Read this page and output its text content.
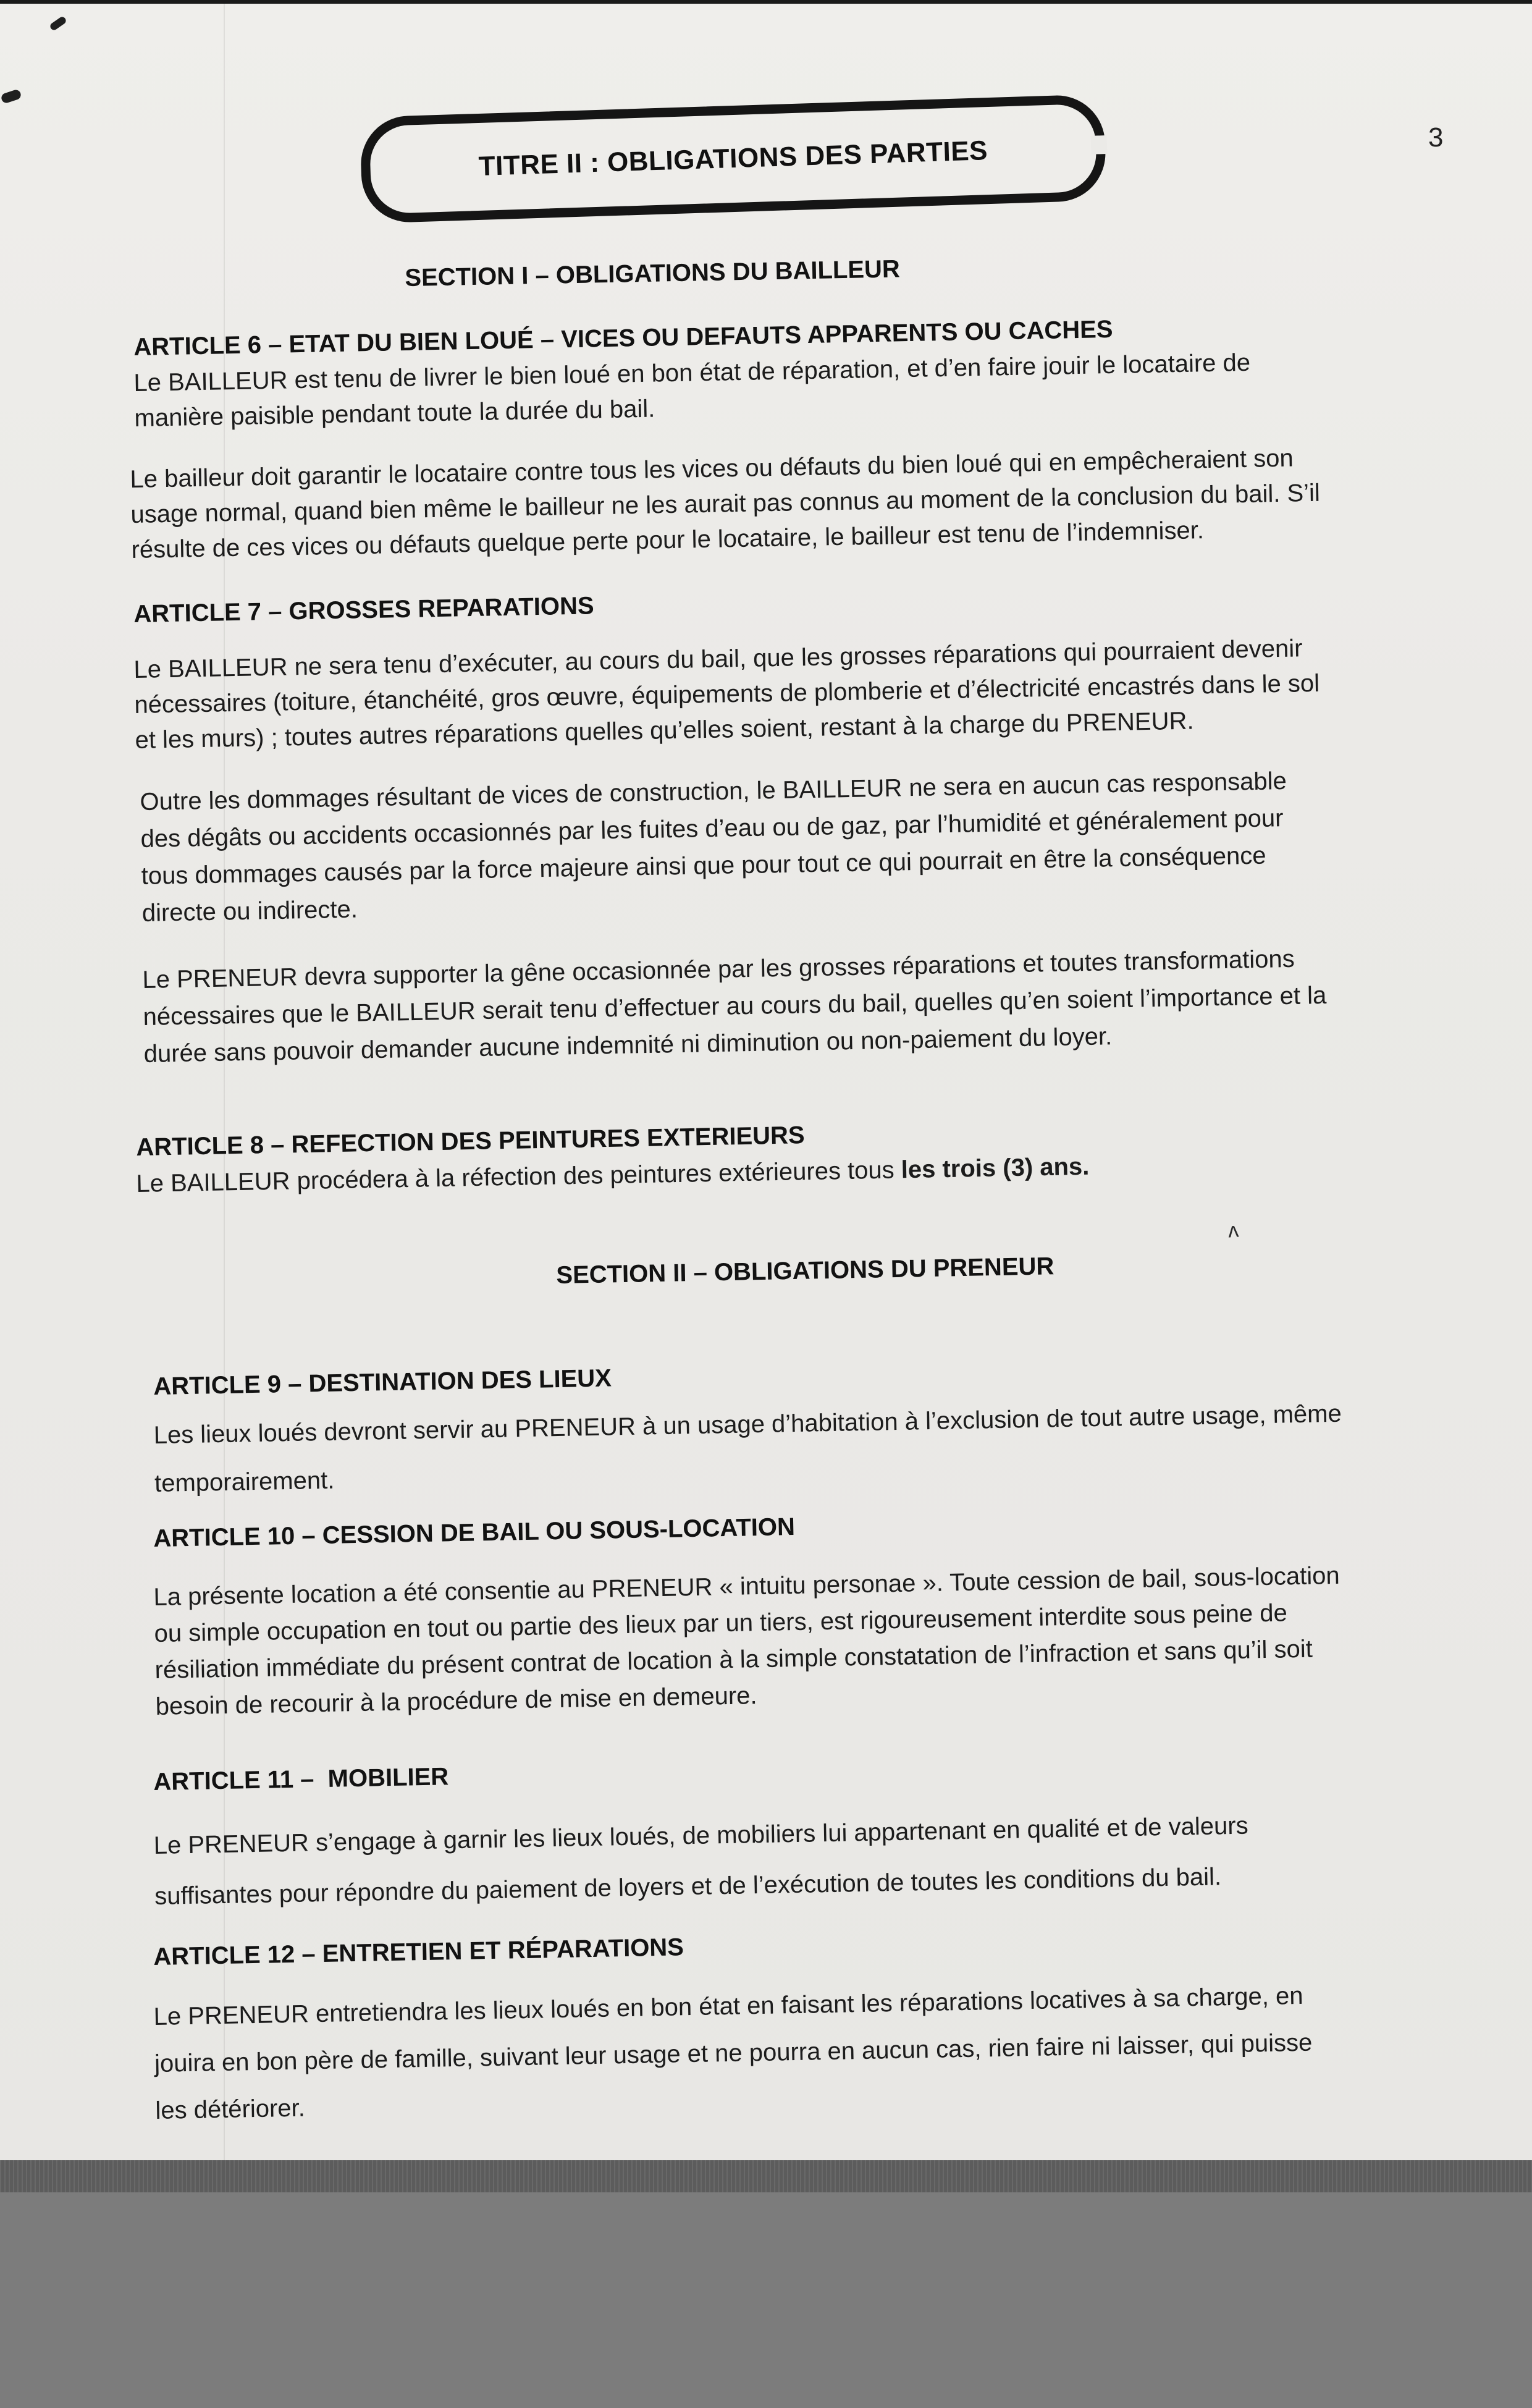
TITRE II : OBLIGATIONS DES PARTIES	3
SECTION I – OBLIGATIONS DU BAILLEUR
ARTICLE 6 – ETAT DU BIEN LOUÉ – VICES OU DEFAUTS APPARENTS OU CACHES
Le BAILLEUR est tenu de livrer le bien loué en bon état de réparation, et d’en faire jouir le locataire de
manière paisible pendant toute la durée du bail.
Le bailleur doit garantir le locataire contre tous les vices ou défauts du bien loué qui en empêcheraient son
usage normal, quand bien même le bailleur ne les aurait pas connus au moment de la conclusion du bail. S’il
résulte de ces vices ou défauts quelque perte pour le locataire, le bailleur est tenu de l’indemniser.
ARTICLE 7 – GROSSES REPARATIONS
Le BAILLEUR ne sera tenu d’exécuter, au cours du bail, que les grosses réparations qui pourraient devenir
nécessaires (toiture, étanchéité, gros œuvre, équipements de plomberie et d’électricité encastrés dans le sol
et les murs) ; toutes autres réparations quelles qu’elles soient, restant à la charge du PRENEUR.
Outre les dommages résultant de vices de construction, le BAILLEUR ne sera en aucun cas responsable
des dégâts ou accidents occasionnés par les fuites d’eau ou de gaz, par l’humidité et généralement pour
tous dommages causés par la force majeure ainsi que pour tout ce qui pourrait en être la conséquence
directe ou indirecte.
Le PRENEUR devra supporter la gêne occasionnée par les grosses réparations et toutes transformations
nécessaires que le BAILLEUR serait tenu d’effectuer au cours du bail, quelles qu’en soient l’importance et la
durée sans pouvoir demander aucune indemnité ni diminution ou non-paiement du loyer.
ARTICLE 8 – REFECTION DES PEINTURES EXTERIEURS
Le BAILLEUR procédera à la réfection des peintures extérieures tous les trois (3) ans.
ʌ
SECTION II – OBLIGATIONS DU PRENEUR
ARTICLE 9 – DESTINATION DES LIEUX
Les lieux loués devront servir au PRENEUR à un usage d’habitation à l’exclusion de tout autre usage, même
temporairement.
ARTICLE 10 – CESSION DE BAIL OU SOUS-LOCATION
La présente location a été consentie au PRENEUR « intuitu personae ». Toute cession de bail, sous-location
ou simple occupation en tout ou partie des lieux par un tiers, est rigoureusement interdite sous peine de
résiliation immédiate du présent contrat de location à la simple constatation de l’infraction et sans qu’il soit
besoin de recourir à la procédure de mise en demeure.
ARTICLE 11 –  MOBILIER
Le PRENEUR s’engage à garnir les lieux loués, de mobiliers lui appartenant en qualité et de valeurs
suffisantes pour répondre du paiement de loyers et de l’exécution de toutes les conditions du bail.
ARTICLE 12 – ENTRETIEN ET RÉPARATIONS
Le PRENEUR entretiendra les lieux loués en bon état en faisant les réparations locatives à sa charge, en
jouira en bon père de famille, suivant leur usage et ne pourra en aucun cas, rien faire ni laisser, qui puisse
les détériorer.
